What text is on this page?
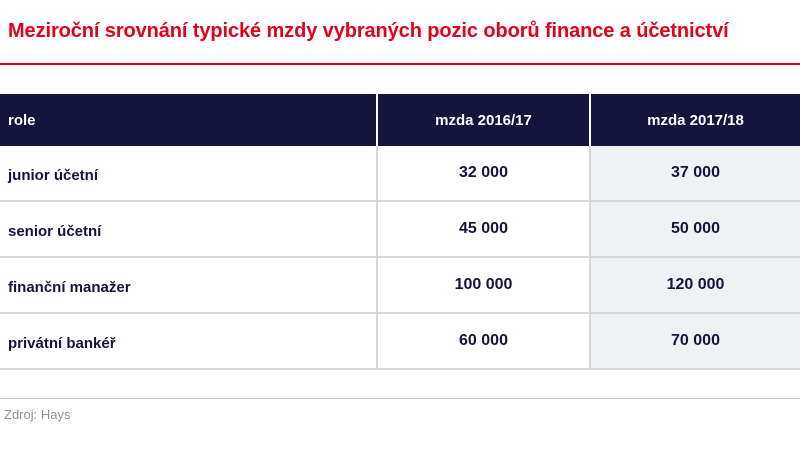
Meziroční srovnání typické mzdy vybraných pozic oborů finance a účetnictví
role	mzda 2016/17	mzda 2017/18
junior účetní	32 000	37 000
senior účetní	45 000	50 000
finanční manažer	100 000	120 000
privátní bankéř	60 000	70 000
Zdroj: Hays
